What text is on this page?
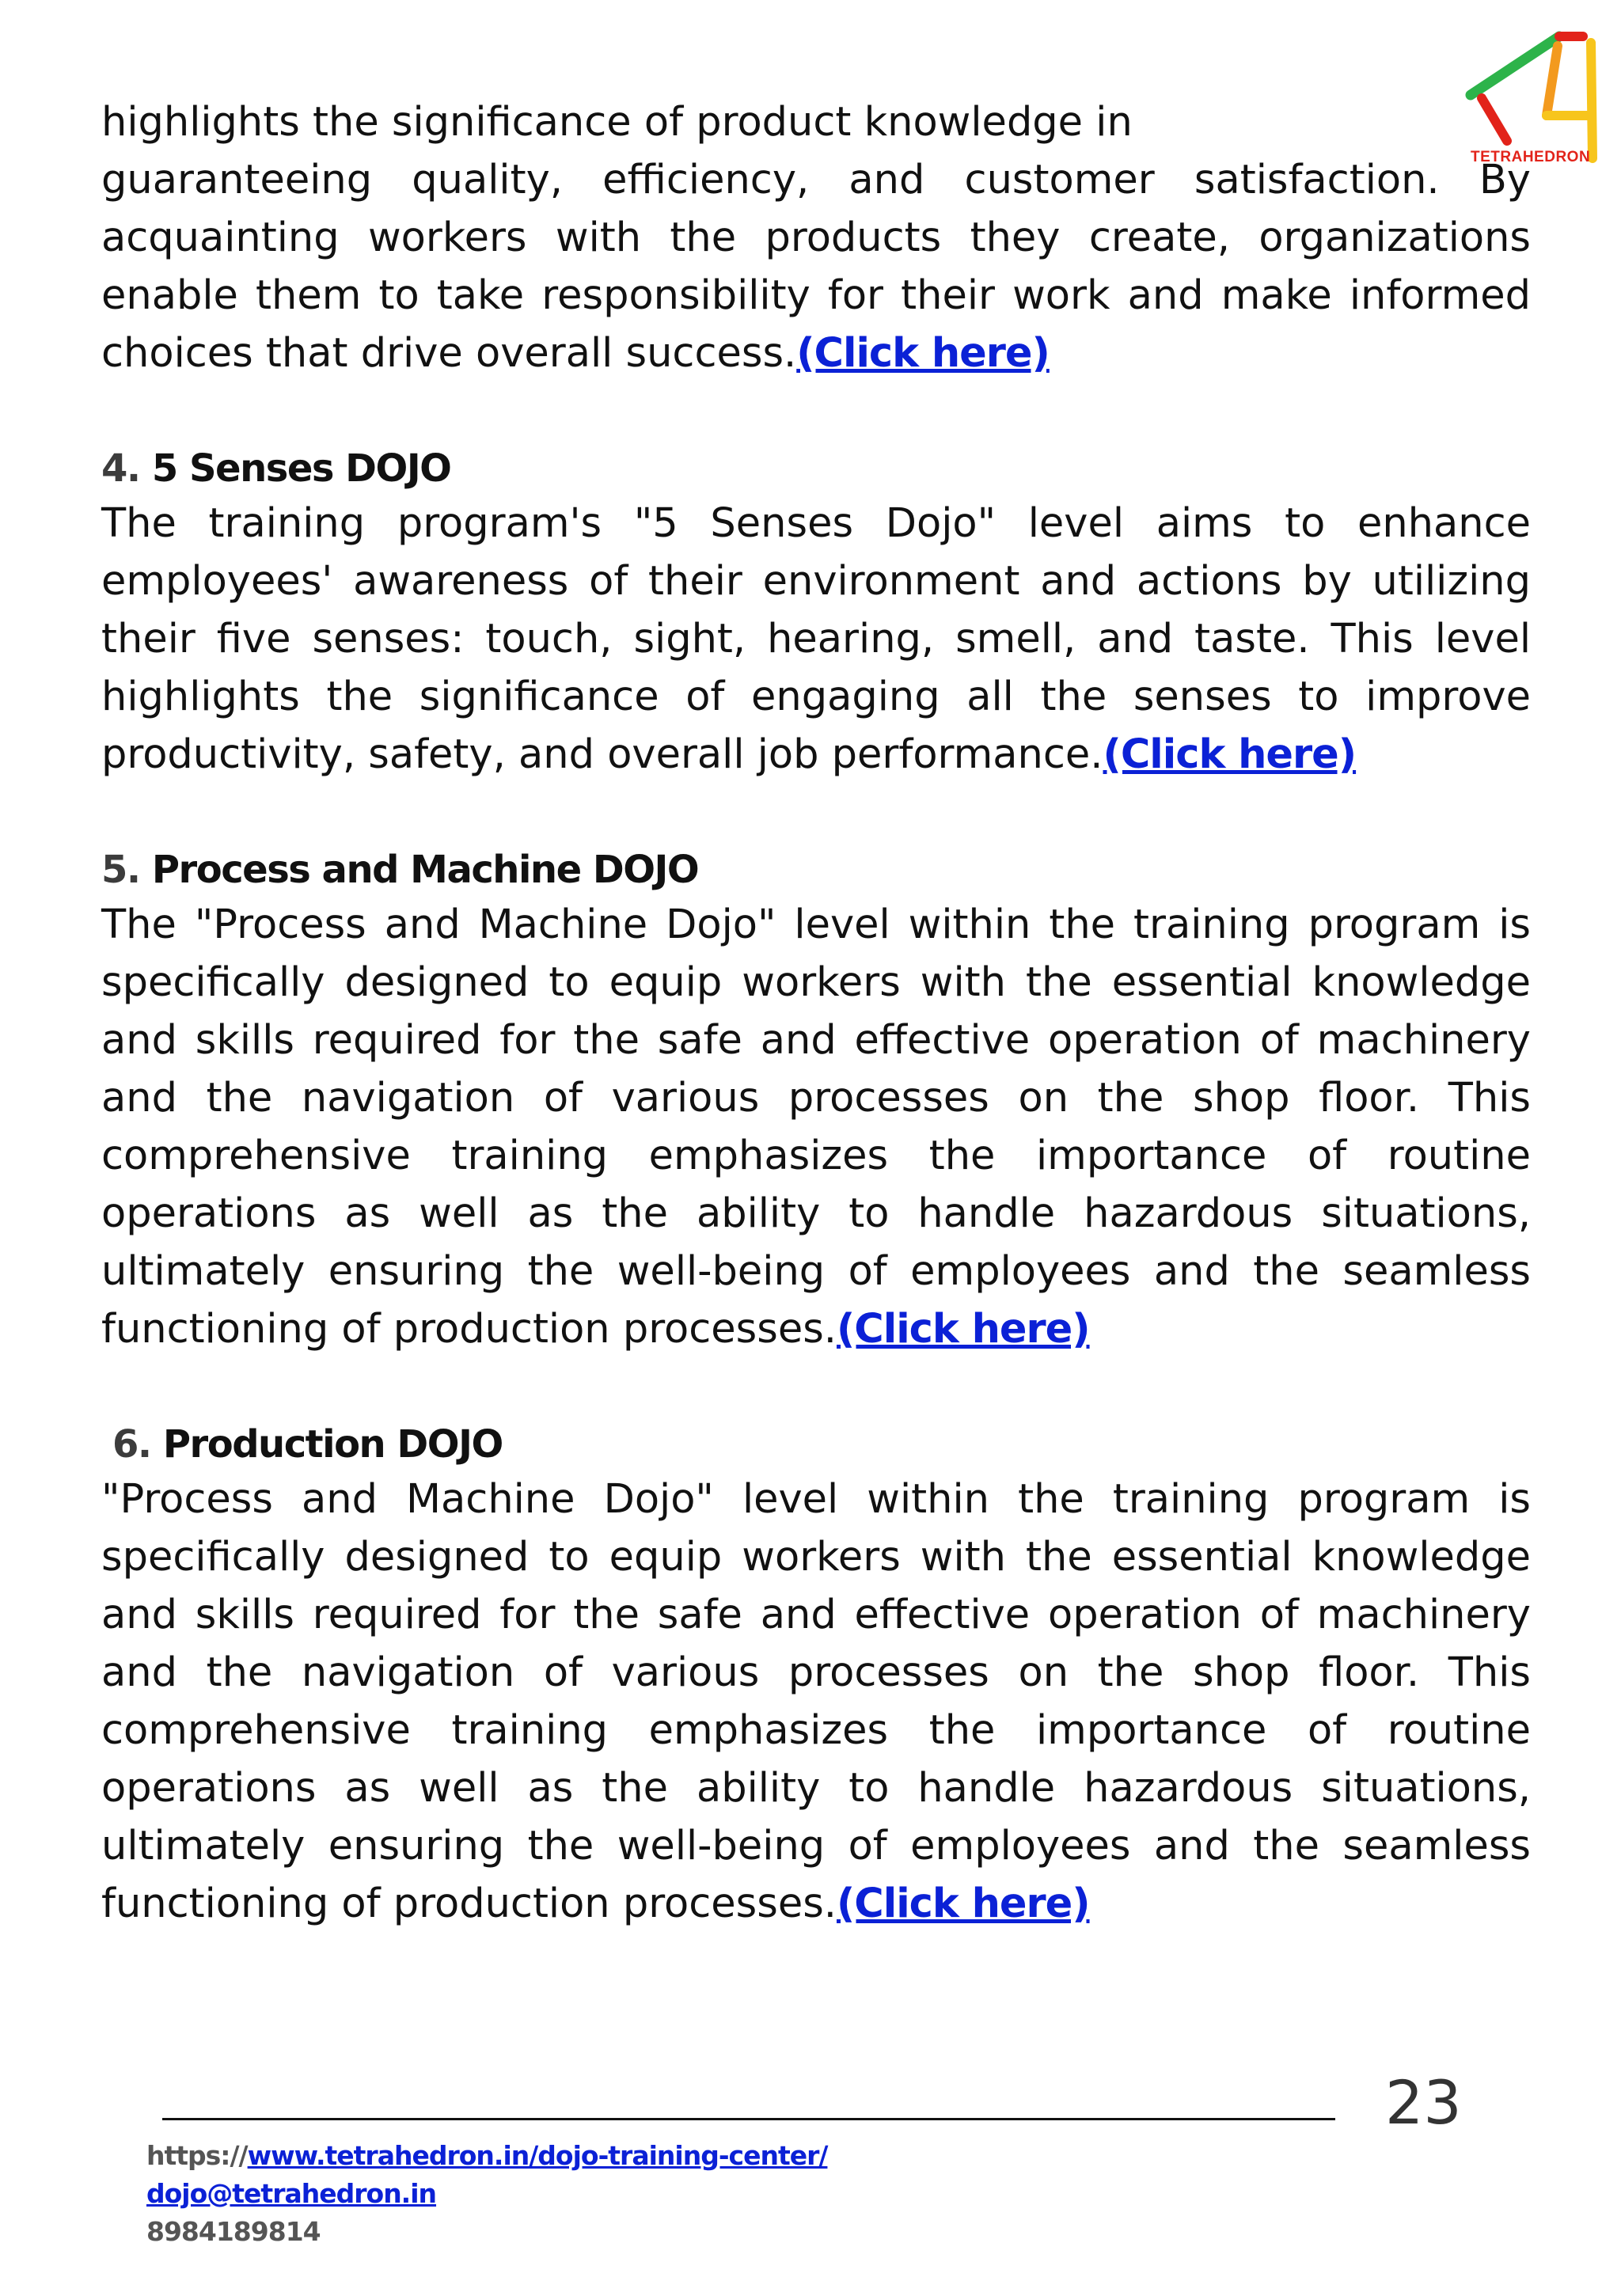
TETRAHEDRON

highlights the significance of product knowledge in

guaranteeing quality, efficiency, and customer satisfaction. By acquainting workers with the products they create, organizations enable them to take responsibility for their work and make informed choices that drive overall success.(Click here)

4. 5 Senses DOJO

The training program's "5 Senses Dojo" level aims to enhance employees' awareness of their environment and actions by utilizing their five senses: touch, sight, hearing, smell, and taste. This level highlights the significance of engaging all the senses to improve productivity, safety, and overall job performance.(Click here)

5. Process and Machine DOJO

The "Process and Machine Dojo" level within the training program is specifically designed to equip workers with the essential knowledge and skills required for the safe and effective operation of machinery and the navigation of various processes on the shop floor. This comprehensive training emphasizes the importance of routine operations as well as the ability to handle hazardous situations, ultimately ensuring the well-being of employees and the seamless functioning of production processes.(Click here)

6. Production DOJO

"Process and Machine Dojo" level within the training program is specifically designed to equip workers with the essential knowledge and skills required for the safe and effective operation of machinery and the navigation of various processes on the shop floor. This comprehensive training emphasizes the importance of routine operations as well as the ability to handle hazardous situations, ultimately ensuring the well-being of employees and the seamless functioning of production processes.(Click here)

23
https://www.tetrahedron.in/dojo-training-center/
dojo@tetrahedron.in
8984189814
